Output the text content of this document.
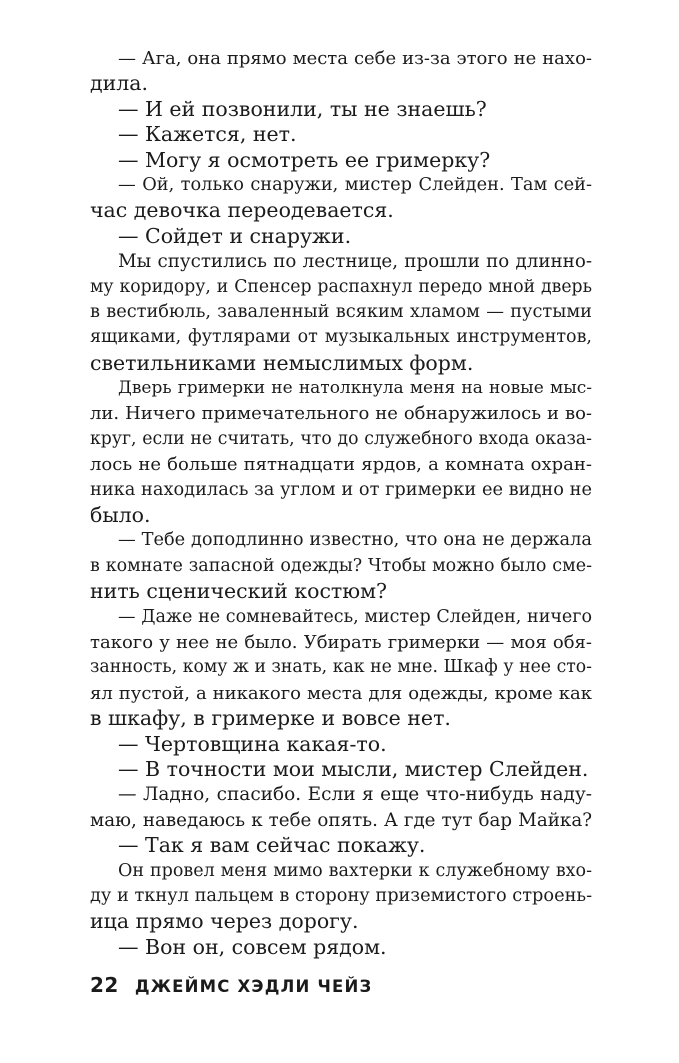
— Ага, она прямо места себе из-за этого не нахо-
дила.
— И ей позвонили, ты не знаешь?
— Кажется, нет.
— Могу я осмотреть ее гримерку?
— Ой, только снаружи, мистер Слейден. Там сей-
час девочка переодевается.
— Сойдет и снаружи.
Мы спустились по лестнице, прошли по длинно-
му коридору, и Спенсер распахнул передо мной дверь
в вестибюль, заваленный всяким хламом — пустыми
ящиками, футлярами от музыкальных инструментов,
светильниками немыслимых форм.
Дверь гримерки не натолкнула меня на новые мыс-
ли. Ничего примечательного не обнаружилось и во-
круг, если не считать, что до служебного входа оказа-
лось не больше пятнадцати ярдов, а комната охран-
ника находилась за углом и от гримерки ее видно не
было.
— Тебе доподлинно известно, что она не держала
в комнате запасной одежды? Чтобы можно было сме-
нить сценический костюм?
— Даже не сомневайтесь, мистер Слейден, ничего
такого у нее не было. Убирать гримерки — моя обя-
занность, кому ж и знать, как не мне. Шкаф у нее сто-
ял пустой, а никакого места для одежды, кроме как
в шкафу, в гримерке и вовсе нет.
— Чертовщина какая-то.
— В точности мои мысли, мистер Слейден.
— Ладно, спасибо. Если я еще что-нибудь наду-
маю, наведаюсь к тебе опять. А где тут бар Майка?
— Так я вам сейчас покажу.
Он провел меня мимо вахтерки к служебному вхо-
ду и ткнул пальцем в сторону приземистого строень-
ица прямо через дорогу.
— Вон он, совсем рядом.
22 ДЖЕЙМС ХЭДЛИ ЧЕЙЗ
